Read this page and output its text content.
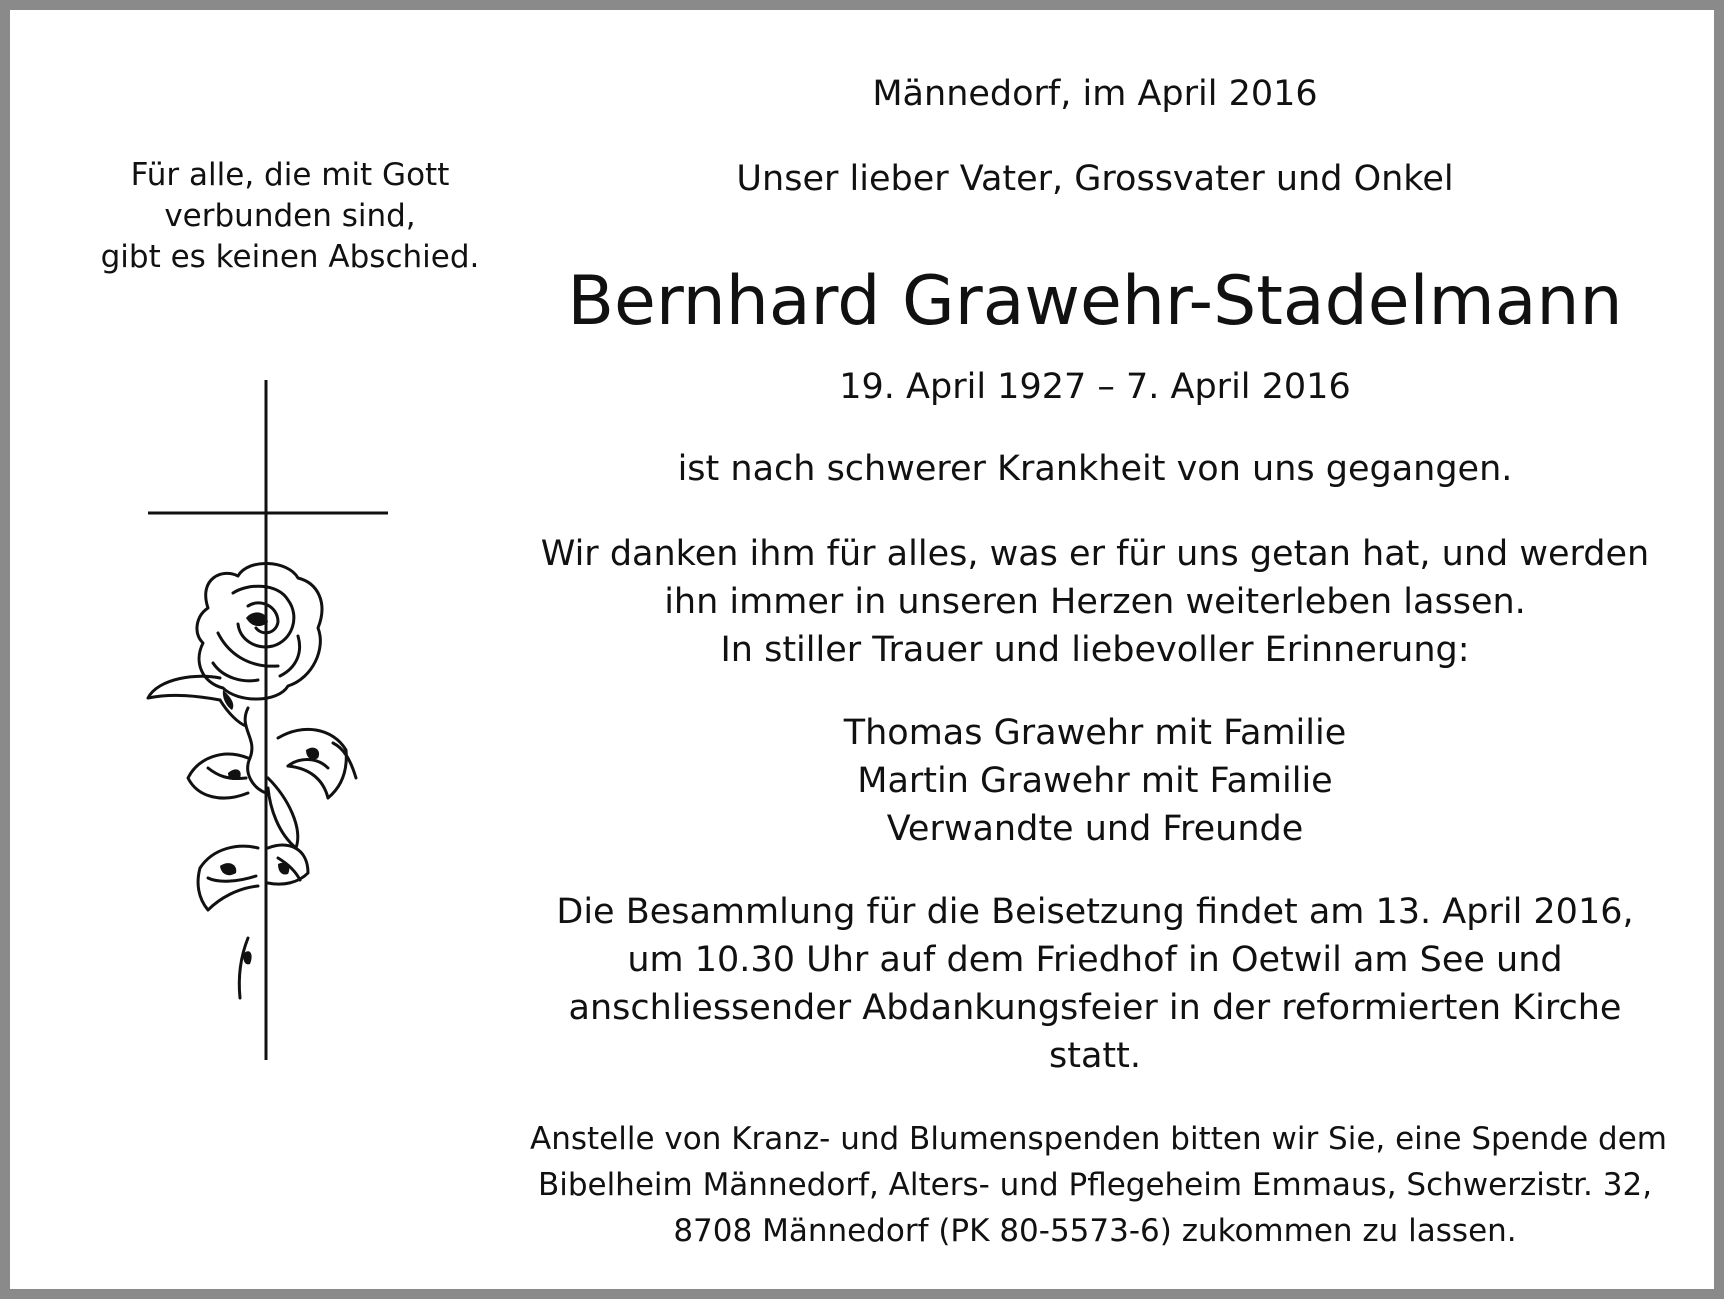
Für alle, die mit Gott
verbunden sind,
gibt es keinen Abschied.
Männedorf, im April 2016
Unser lieber Vater, Grossvater und Onkel
Bernhard Grawehr-Stadelmann
19. April 1927 – 7. April 2016
ist nach schwerer Krankheit von uns gegangen.
Wir danken ihm für alles, was er für uns getan hat, und werden
ihn immer in unseren Herzen weiterleben lassen.
In stiller Trauer und liebevoller Erinnerung:
Thomas Grawehr mit Familie
Martin Grawehr mit Familie
Verwandte und Freunde
Die Besammlung für die Beisetzung findet am 13. April 2016,
um 10.30 Uhr auf dem Friedhof in Oetwil am See und
anschliessender Abdankungsfeier in der reformierten Kirche
statt.
Anstelle von Kranz- und Blumenspenden bitten wir Sie, eine Spende dem
Bibelheim Männedorf, Alters- und Pflegeheim Emmaus, Schwerzistr. 32,
8708 Männedorf (PK 80-5573-6) zukommen zu lassen.
